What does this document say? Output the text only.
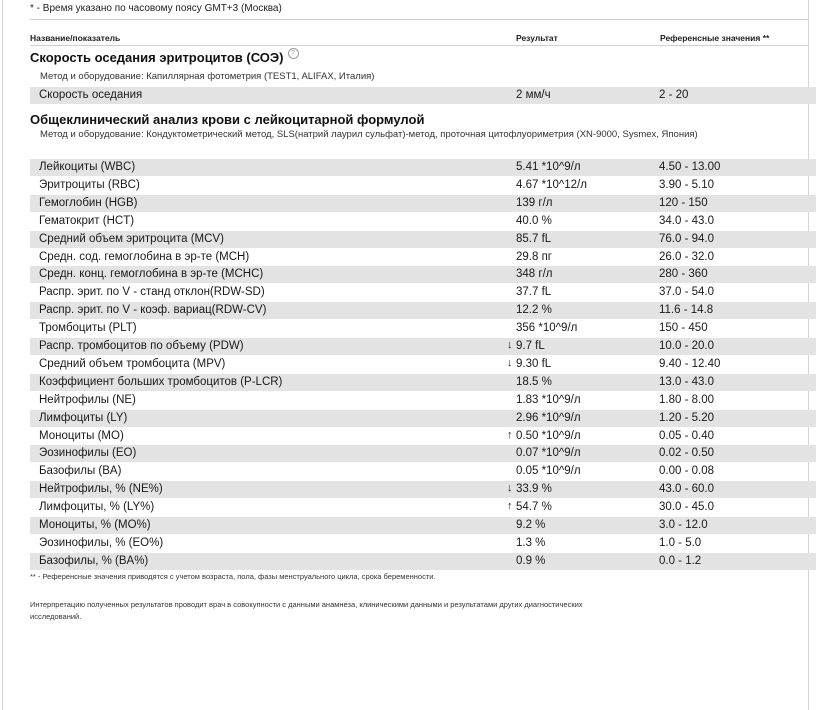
* - Время указано по часовому поясу GMT+3 (Москва)
Название/показатель	Результат	Референсные значения **
Скорость оседания эритроцитов (СОЭ) ?
Метод и оборудование: Капиллярная фотометрия (TEST1, ALIFAX, Италия)
Скорость оседания	2 мм/ч	2 - 20
Общеклинический анализ крови с лейкоцитарной формулой
Метод и оборудование: Кондуктометрический метод, SLS(натрий лаурил сульфат)-метод, проточная цитофлуориметрия (XN-9000, Sysmex, Япония)
Лейкоциты (WBC)	5.41 *10^9/л	4.50 - 13.00
Эритроциты (RBC)	4.67 *10^12/л	3.90 - 5.10
Гемоглобин (HGB)	139 г/л	120 - 150
Гематокрит (HCT)	40.0 %	34.0 - 43.0
Средний объем эритроцита (MCV)	85.7 fL	76.0 - 94.0
Средн. сод. гемоглобина в эр-те (MCH)	29.8 пг	26.0 - 32.0
Средн. конц. гемоглобина в эр-те (MCHC)	348 г/л	280 - 360
Распр. эрит. по V - станд отклон(RDW-SD)	37.7 fL	37.0 - 54.0
Распр. эрит. по V - коэф. вариац(RDW-CV)	12.2 %	11.6 - 14.8
Тромбоциты (PLT)	356 *10^9/л	150 - 450
Распр. тромбоцитов по объему (PDW)	↓ 9.7 fL	10.0 - 20.0
Средний объем тромбоцита (MPV)	↓ 9.30 fL	9.40 - 12.40
Коэффициент больших тромбоцитов (P-LCR)	18.5 %	13.0 - 43.0
Нейтрофилы (NE)	1.83 *10^9/л	1.80 - 8.00
Лимфоциты (LY)	2.96 *10^9/л	1.20 - 5.20
Моноциты (MO)	↑ 0.50 *10^9/л	0.05 - 0.40
Эозинофилы (EO)	0.07 *10^9/л	0.02 - 0.50
Базофилы (BA)	0.05 *10^9/л	0.00 - 0.08
Нейтрофилы, % (NE%)	↓ 33.9 %	43.0 - 60.0
Лимфоциты, % (LY%)	↑ 54.7 %	30.0 - 45.0
Моноциты, % (MO%)	9.2 %	3.0 - 12.0
Эозинофилы, % (EO%)	1.3 %	1.0 - 5.0
Базофилы, % (BA%)	0.9 %	0.0 - 1.2
** - Референсные значения приводятся с учетом возраста, пола, фазы менструального цикла, срока беременности.
Интерпретацию полученных результатов проводит врач в совокупности с данными анамнеза, клиническими данными и результатами других диагностических исследований.
